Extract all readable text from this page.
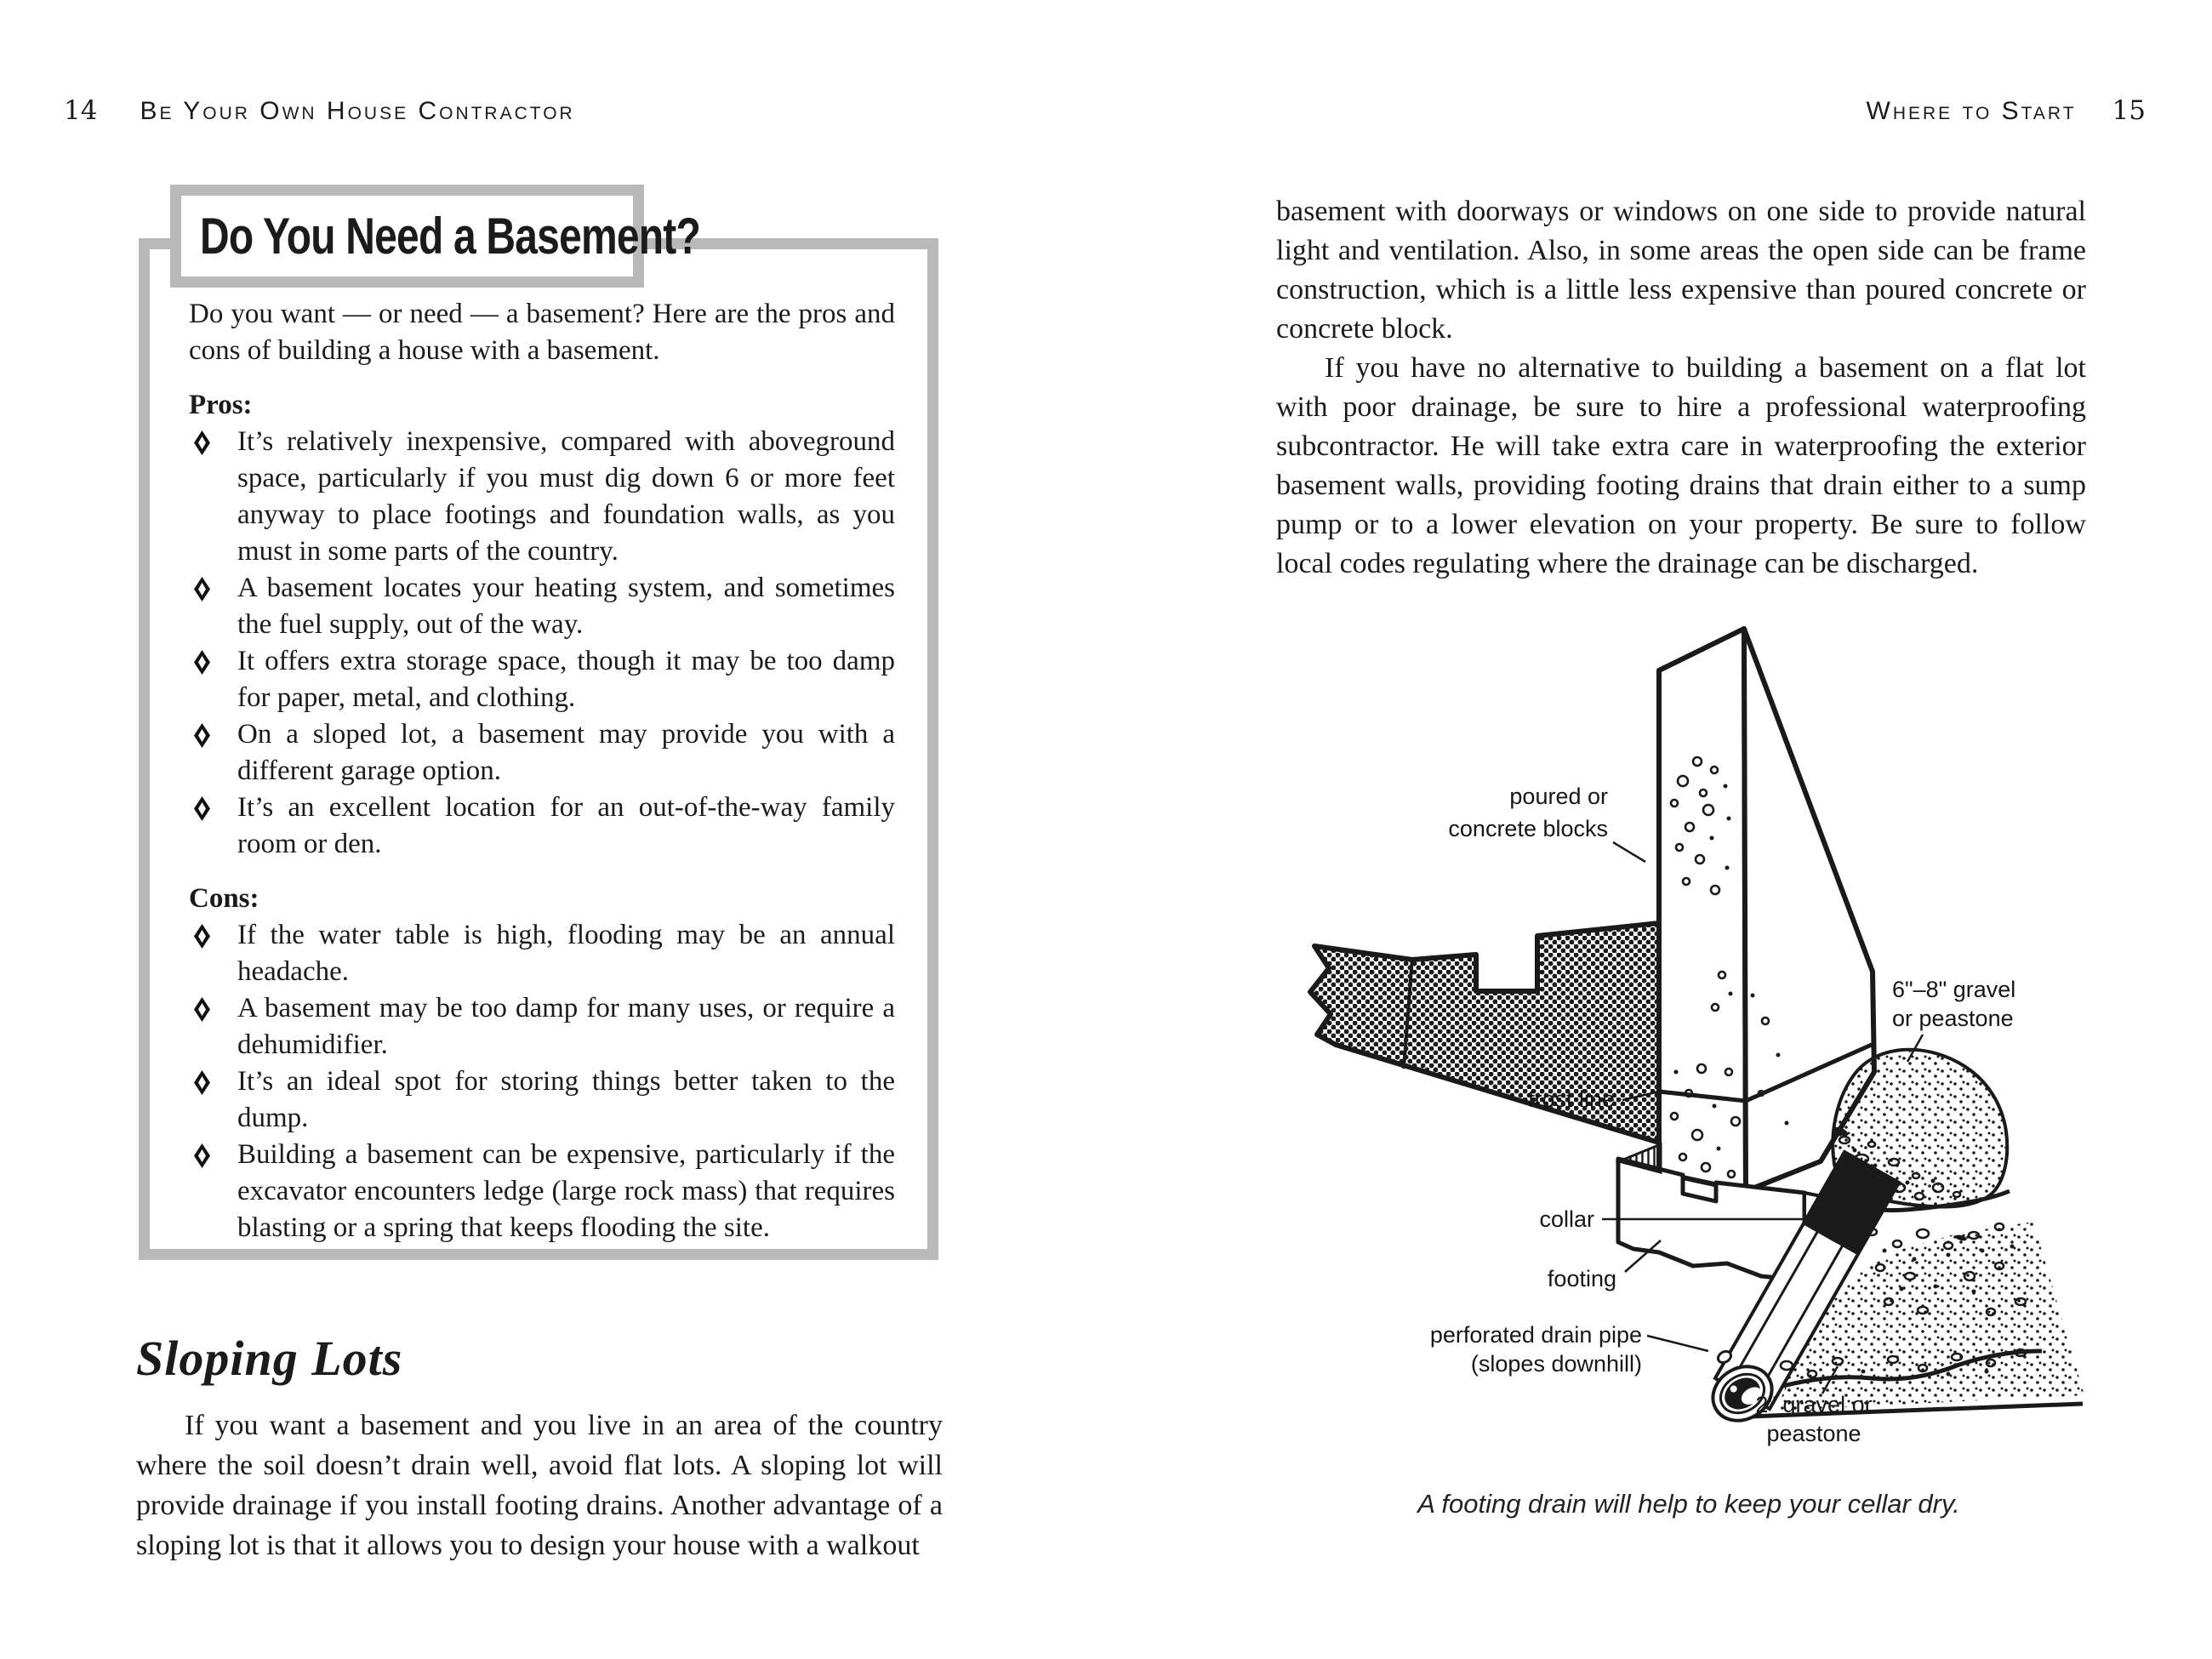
14 Be Your Own House Contractor	Where to Start 15
Do You Need a Basement?

Do you want — or need — a basement? Here are the pros and cons of building a house with a basement.

Pros:

It’s relatively inexpensive, compared with aboveground space, particularly if you must dig down 6 or more feet anyway to place footings and foundation walls, as you must in some parts of the country.
A basement locates your heating system, and sometimes the fuel supply, out of the way.
It offers extra storage space, though it may be too damp for paper, metal, and clothing.
On a sloped lot, a basement may provide you with a different garage option.
It’s an excellent location for an out-of-the-way family room or den.

Cons:

If the water table is high, flooding may be an annual headache.
A basement may be too damp for many uses, or require a dehumidifier.
It’s an ideal spot for storing things better taken to the dump.
Building a basement can be expensive, particularly if the excavator encounters ledge (large rock mass) that requires blasting or a spring that keeps flooding the site.
Sloping Lots

If you want a basement and you live in an area of the country where the soil doesn’t drain well, avoid flat lots. A sloping lot will provide drainage if you install footing drains. Another advantage of a sloping lot is that it allows you to design your house with a walkout

basement with doorways or windows on one side to provide natural light and ventilation. Also, in some areas the open side can be frame construction, which is a little less expensive than poured concrete or concrete block.

If you have no alternative to building a basement on a flat lot with poor drainage, be sure to hire a professional waterproofing subcontractor. He will take extra care in waterproofing the exterior basement walls, providing footing drains that drain either to a sump pump or to a lower elevation on your property. Be sure to follow local codes regulating where the drainage can be discharged.

poured or
concrete blocks
6"–8" gravel
or peastone
frost line
collar
footing
perforated drain pipe
(slopes downhill)
2" gravel or
peastone

A footing drain will help to keep your cellar dry.
